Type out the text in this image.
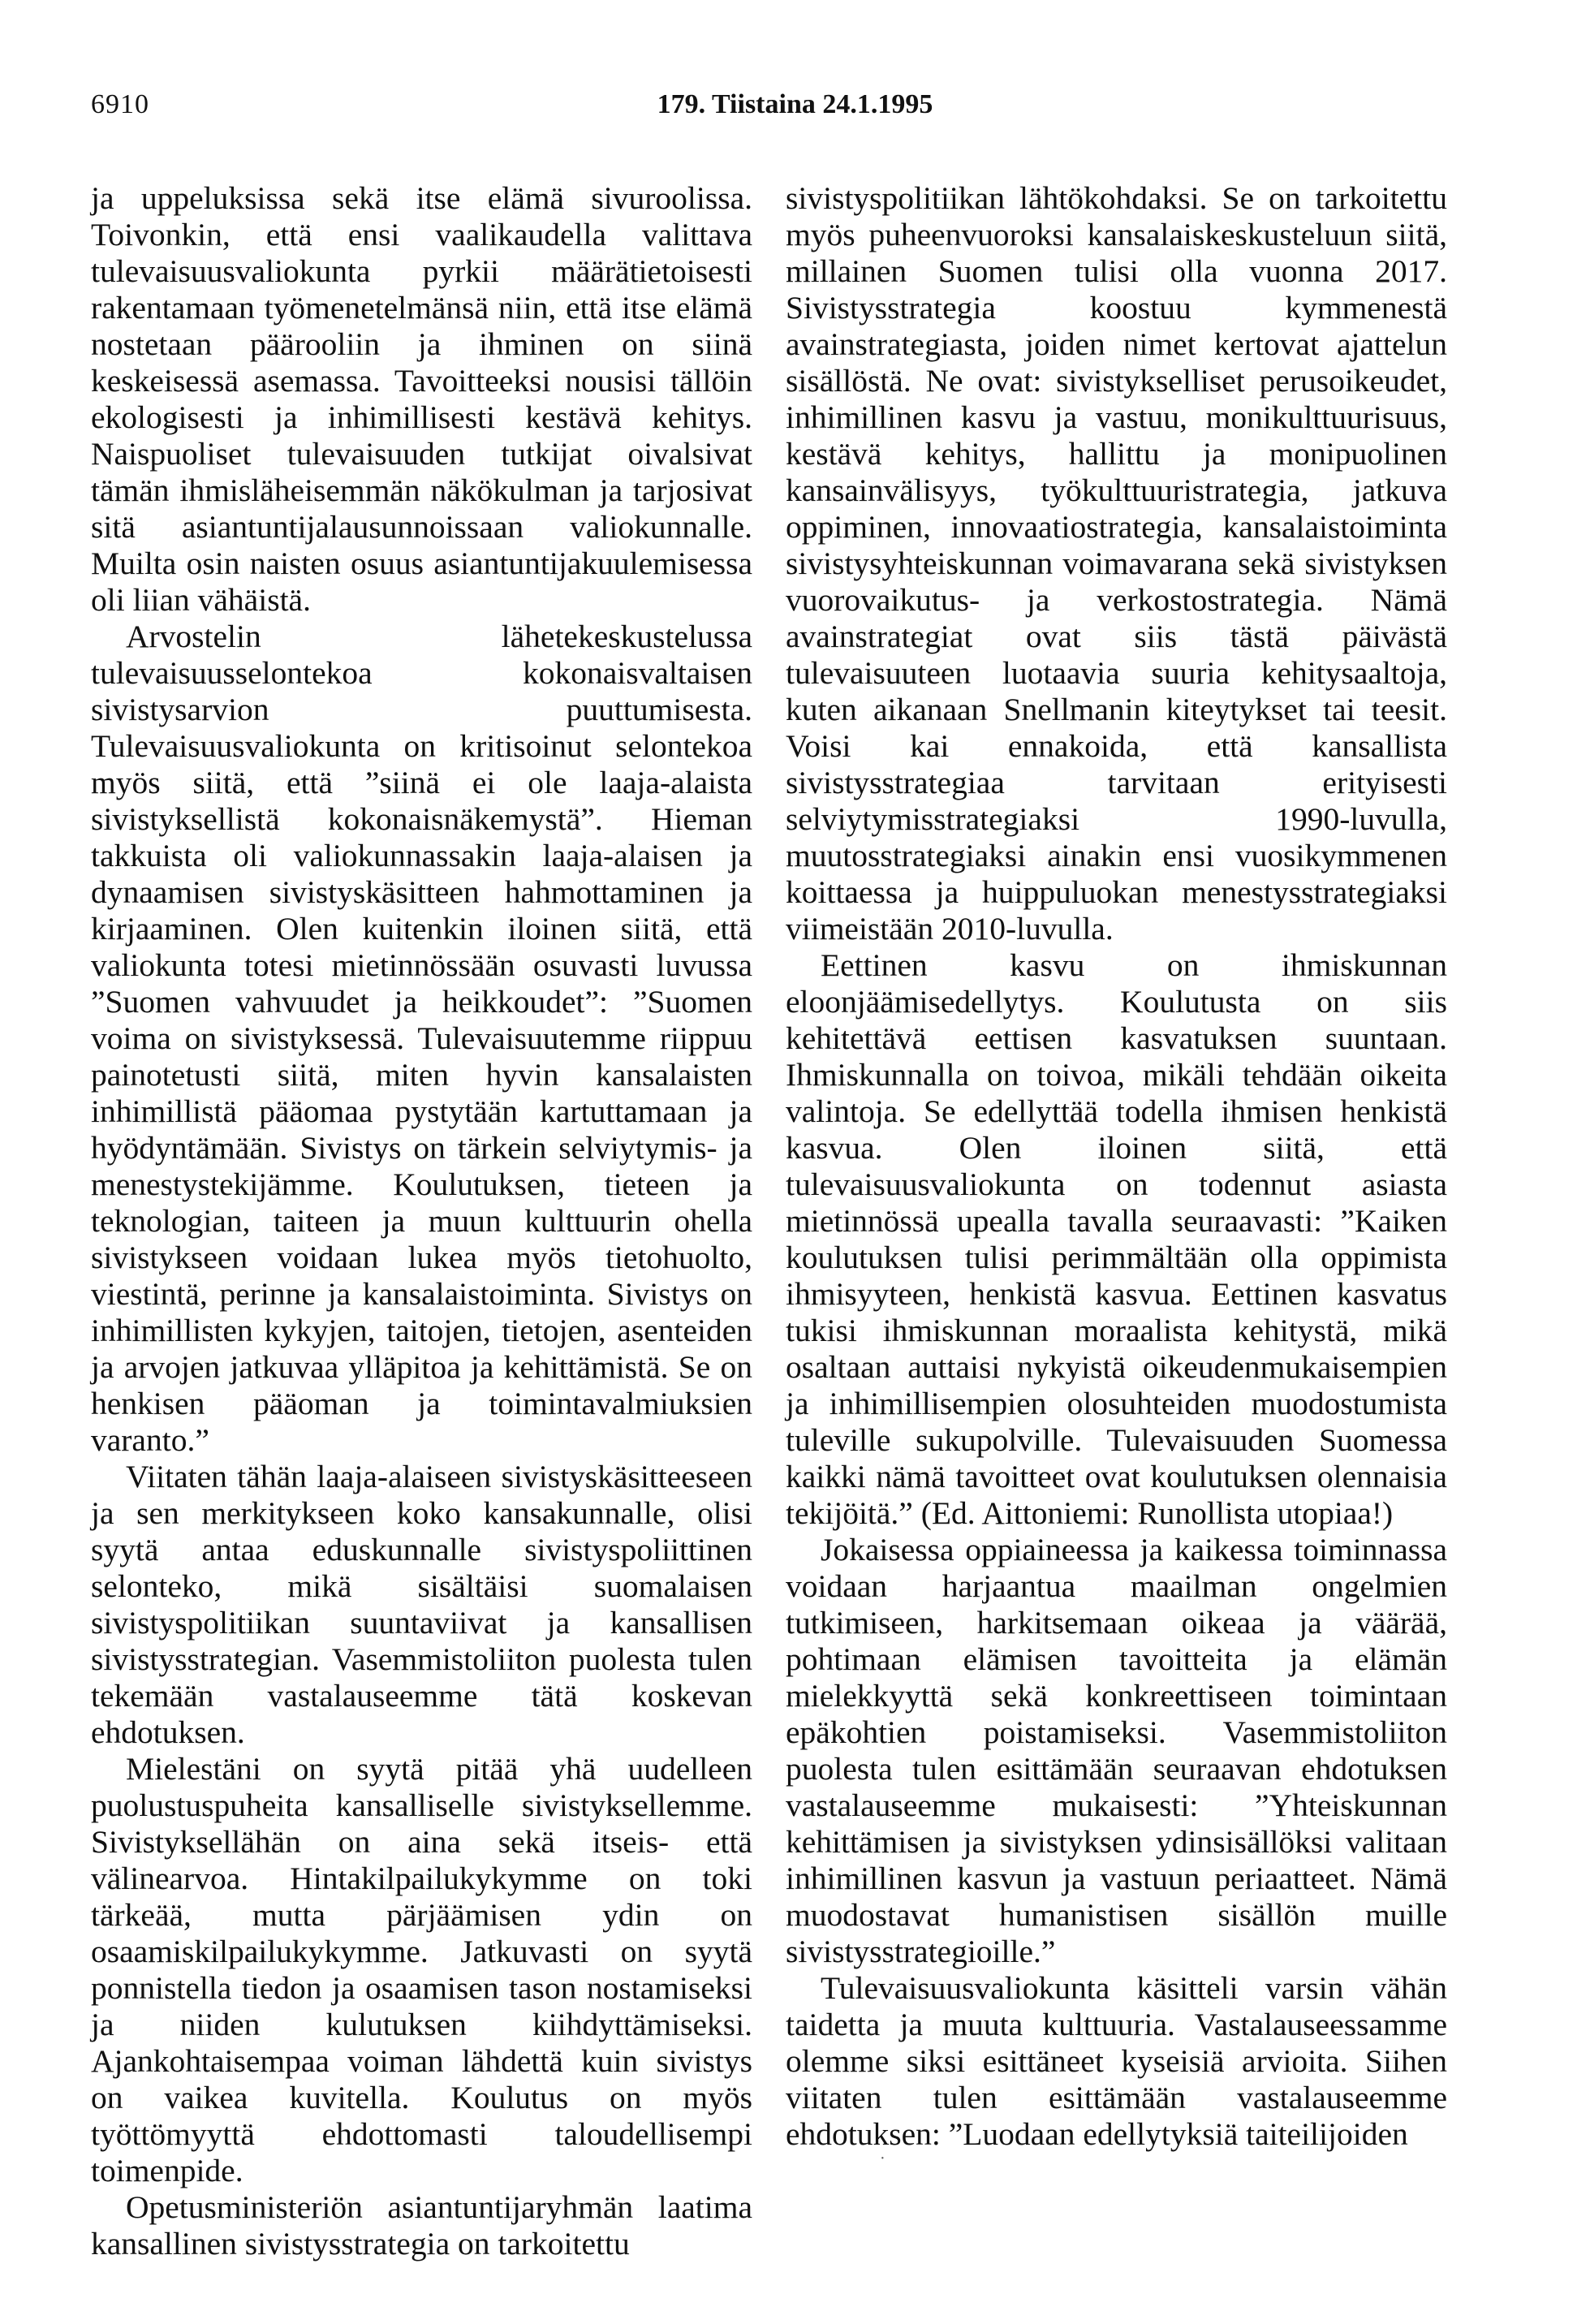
6910	179. Tiistaina 24.1.1995

ja uppeluksissa sekä itse elämä sivuroolissa. Toivonkin, että ensi vaalikaudella valittava tulevaisuusvaliokunta pyrkii määrätietoisesti rakentamaan työmenetelmänsä niin, että itse elämä nostetaan päärooliin ja ihminen on siinä keskeisessä asemassa. Tavoitteeksi nousisi tällöin ekologisesti ja inhimillisesti kestävä kehitys. Naispuoliset tulevaisuuden tutkijat oivalsivat tämän ihmisläheisemmän näkökulman ja tarjosivat sitä asiantuntijalausunnoissaan valiokunnalle. Muilta osin naisten osuus asiantuntijakuulemisessa oli liian vähäistä.

Arvostelin lähetekeskustelussa tulevaisuusselontekoa kokonaisvaltaisen sivistysarvion puuttumisesta. Tulevaisuusvaliokunta on kritisoinut selontekoa myös siitä, että ”siinä ei ole laaja-alaista sivistyksellistä kokonaisnäkemystä”. Hieman takkuista oli valiokunnassakin laaja-alaisen ja dynaamisen sivistyskäsitteen hahmottaminen ja kirjaaminen. Olen kuitenkin iloinen siitä, että valiokunta totesi mietinnössään osuvasti luvussa ”Suomen vahvuudet ja heikkoudet”: ”Suomen voima on sivistyksessä. Tulevaisuutemme riippuu painotetusti siitä, miten hyvin kansalaisten inhimillistä pääomaa pystytään kartuttamaan ja hyödyntämään. Sivistys on tärkein selviytymis- ja menestystekijämme. Koulutuksen, tieteen ja teknologian, taiteen ja muun kulttuurin ohella sivistykseen voidaan lukea myös tietohuolto, viestintä, perinne ja kansalaistoiminta. Sivistys on inhimillisten kykyjen, taitojen, tietojen, asenteiden ja arvojen jatkuvaa ylläpitoa ja kehittämistä. Se on henkisen pääoman ja toimintavalmiuksien varanto.”

Viitaten tähän laaja-alaiseen sivistyskäsitteeseen ja sen merkitykseen koko kansakunnalle, olisi syytä antaa eduskunnalle sivistyspoliittinen selonteko, mikä sisältäisi suomalaisen sivistyspolitiikan suuntaviivat ja kansallisen sivistysstrategian. Vasemmistoliiton puolesta tulen tekemään vastalauseemme tätä koskevan ehdotuksen.

Mielestäni on syytä pitää yhä uudelleen puolustuspuheita kansalliselle sivistyksellemme. Sivistyksellähän on aina sekä itseis- että välinearvoa. Hintakilpailukykymme on toki tärkeää, mutta pärjäämisen ydin on osaamiskilpailukykymme. Jatkuvasti on syytä ponnistella tiedon ja osaamisen tason nostamiseksi ja niiden kulutuksen kiihdyttämiseksi. Ajankohtaisempaa voiman lähdettä kuin sivistys on vaikea kuvitella. Koulutus on myös työttömyyttä ehdottomasti taloudellisempi toimenpide.

Opetusministeriön asiantuntijaryhmän laatima kansallinen sivistysstrategia on tarkoitettu

sivistyspolitiikan lähtökohdaksi. Se on tarkoitettu myös puheenvuoroksi kansalaiskeskusteluun siitä, millainen Suomen tulisi olla vuonna 2017. Sivistysstrategia koostuu kymmenestä avainstrategiasta, joiden nimet kertovat ajattelun sisällöstä. Ne ovat: sivistykselliset perusoikeudet, inhimillinen kasvu ja vastuu, monikulttuurisuus, kestävä kehitys, hallittu ja monipuolinen kansainvälisyys, työkulttuuristrategia, jatkuva oppiminen, innovaatiostrategia, kansalaistoiminta sivistysyhteiskunnan voimavarana sekä sivistyksen vuorovaikutus- ja verkostostrategia. Nämä avainstrategiat ovat siis tästä päivästä tulevaisuuteen luotaavia suuria kehitysaaltoja, kuten aikanaan Snellmanin kiteytykset tai teesit. Voisi kai ennakoida, että kansallista sivistysstrategiaa tarvitaan erityisesti selviytymisstrategiaksi 1990-luvulla, muutosstrategiaksi ainakin ensi vuosikymmenen koittaessa ja huippuluokan menestysstrategiaksi viimeistään 2010-luvulla.

Eettinen kasvu on ihmiskunnan eloonjäämisedellytys. Koulutusta on siis kehitettävä eettisen kasvatuksen suuntaan. Ihmiskunnalla on toivoa, mikäli tehdään oikeita valintoja. Se edellyttää todella ihmisen henkistä kasvua. Olen iloinen siitä, että tulevaisuusvaliokunta on todennut asiasta mietinnössä upealla tavalla seuraavasti: ”Kaiken koulutuksen tulisi perimmältään olla oppimista ihmisyyteen, henkistä kasvua. Eettinen kasvatus tukisi ihmiskunnan moraalista kehitystä, mikä osaltaan auttaisi nykyistä oikeudenmukaisempien ja inhimillisempien olosuhteiden muodostumista tuleville sukupolville. Tulevaisuuden Suomessa kaikki nämä tavoitteet ovat koulutuksen olennaisia tekijöitä.” (Ed. Aittoniemi: Runollista utopiaa!)

Jokaisessa oppiaineessa ja kaikessa toiminnassa voidaan harjaantua maailman ongelmien tutkimiseen, harkitsemaan oikeaa ja väärää, pohtimaan elämisen tavoitteita ja elämän mielekkyyttä sekä konkreettiseen toimintaan epäkohtien poistamiseksi. Vasemmistoliiton puolesta tulen esittämään seuraavan ehdotuksen vastalauseemme mukaisesti: ”Yhteiskunnan kehittämisen ja sivistyksen ydinsisällöksi valitaan inhimillinen kasvun ja vastuun periaatteet. Nämä muodostavat humanistisen sisällön muille sivistysstrategioille.”

Tulevaisuusvaliokunta käsitteli varsin vähän taidetta ja muuta kulttuuria. Vastalauseessamme olemme siksi esittäneet kyseisiä arvioita. Siihen viitaten tulen esittämään vastalauseemme ehdotuksen: ”Luodaan edellytyksiä taiteilijoiden

·
